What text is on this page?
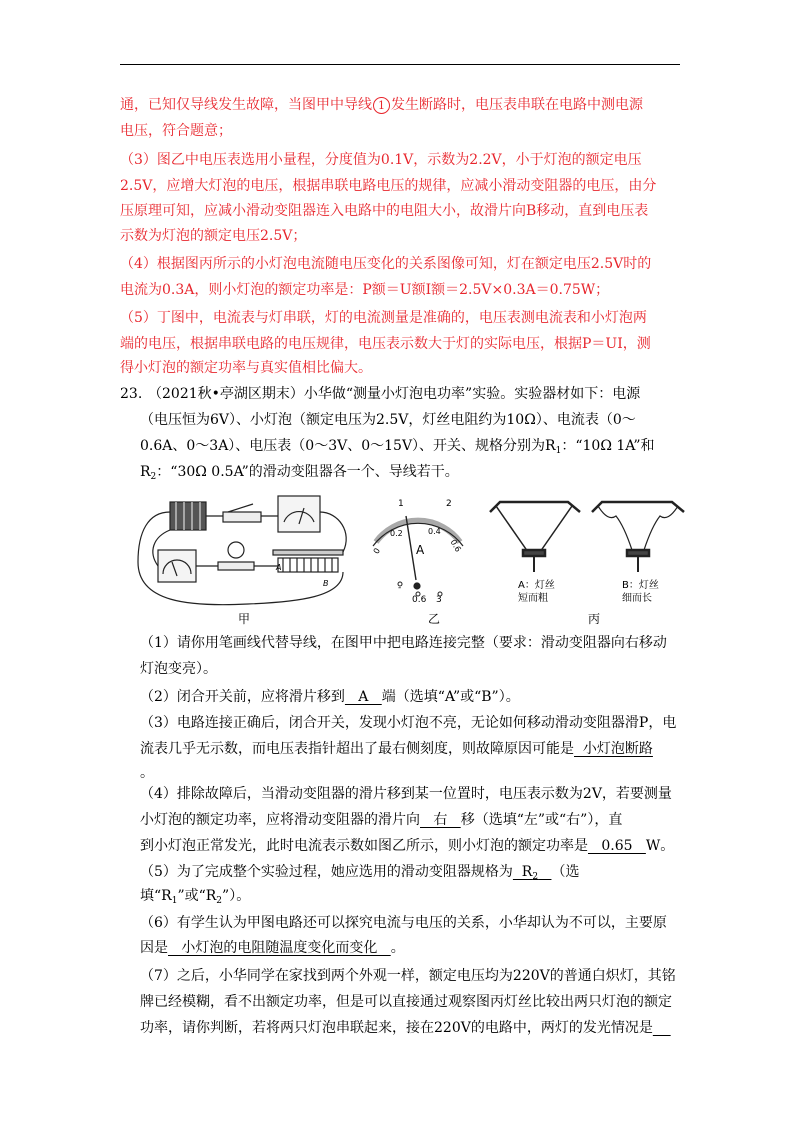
通，已知仅导线发生故障，当图甲中导线 1 发生断路时，电压表串联在电路中测电源
电压，符合题意；
（3）图乙中电压表选用小量程，分度值为0.1V，示数为2.2V，小于灯泡的额定电压
2.5V，应增大灯泡的电压，根据串联电路电压的规律，应减小滑动变阻器的电压，由分
压原理可知，应减小滑动变阻器连入电路中的电阻大小，故滑片向B移动，直到电压表
示数为灯泡的额定电压2.5V；
（4）根据图丙所示的小灯泡电流随电压变化的关系图像可知，灯在额定电压2.5V时的
电流为0.3A，则小灯泡的额定功率是：P额＝U额I额＝2.5V×0.3A＝0.75W；
（5）丁图中，电流表与灯串联，灯的电流测量是准确的，电压表测电流表和小灯泡两
端的电压，根据串联电路的电压规律，电压表示数大于灯的实际电压，根据P＝UI，测
得小灯泡的额定功率与真实值相比偏大。
23. （2021秋•亭湖区期末）小华做“测量小灯泡电功率”实验。实验器材如下：电源
（电压恒为6V）、小灯泡（额定电压为2.5V，灯丝电阻约为10Ω）、电流表（0～
0.6A、0～3A）、电压表（0～3V、0～15V）、开关、规格分别为$R_1$：“10Ω 1A”和
$R_2$：“30Ω 0.5A”的滑动变阻器各一个、导线若干。
A
B
1	2
0
0.2	0.4
0.6
A
-
0.6 3
A：灯丝
短而粗
B：灯丝
细而长
甲	乙	丙
（1）请你用笔画线代替导线，在图甲中把电路连接完整（要求：滑动变阻器向右移动
灯泡变亮）。
（2）闭合开关前，应将滑片移到   A   端（选填“A”或“B”）。
（3）电路连接正确后，闭合开关，发现小灯泡不亮，无论如何移动滑动变阻器滑P，电
流表几乎无示数，而电压表指针超出了最右侧刻度，则故障原因可能是  小灯泡断路
。
（4）排除故障后，当滑动变阻器的滑片移到某一位置时，电压表示数为2V，若要测量
小灯泡的额定功率，应将滑动变阻器的滑片向   右   移（选填“左”或“右”），直
到小灯泡正常发光，此时电流表示数如图乙所示，则小灯泡的额定功率是   0.65   W。
（5）为了完成整个实验过程，她应选用的滑动变阻器规格为  $R_2$ （选
填“$R_1$”或“$R_2$”）。
（6）有学生认为甲图电路还可以探究电流与电压的关系，小华却认为不可以，主要原
因是   小灯泡的电阻随温度变化而变化   。
（7）之后，小华同学在家找到两个外观一样，额定电压均为220V的普通白炽灯，其铭
牌已经模糊，看不出额定功率，但是可以直接通过观察图丙灯丝比较出两只灯泡的额定
功率，请你判断，若将两只灯泡串联起来，接在220V的电路中，两灯的发光情况是
